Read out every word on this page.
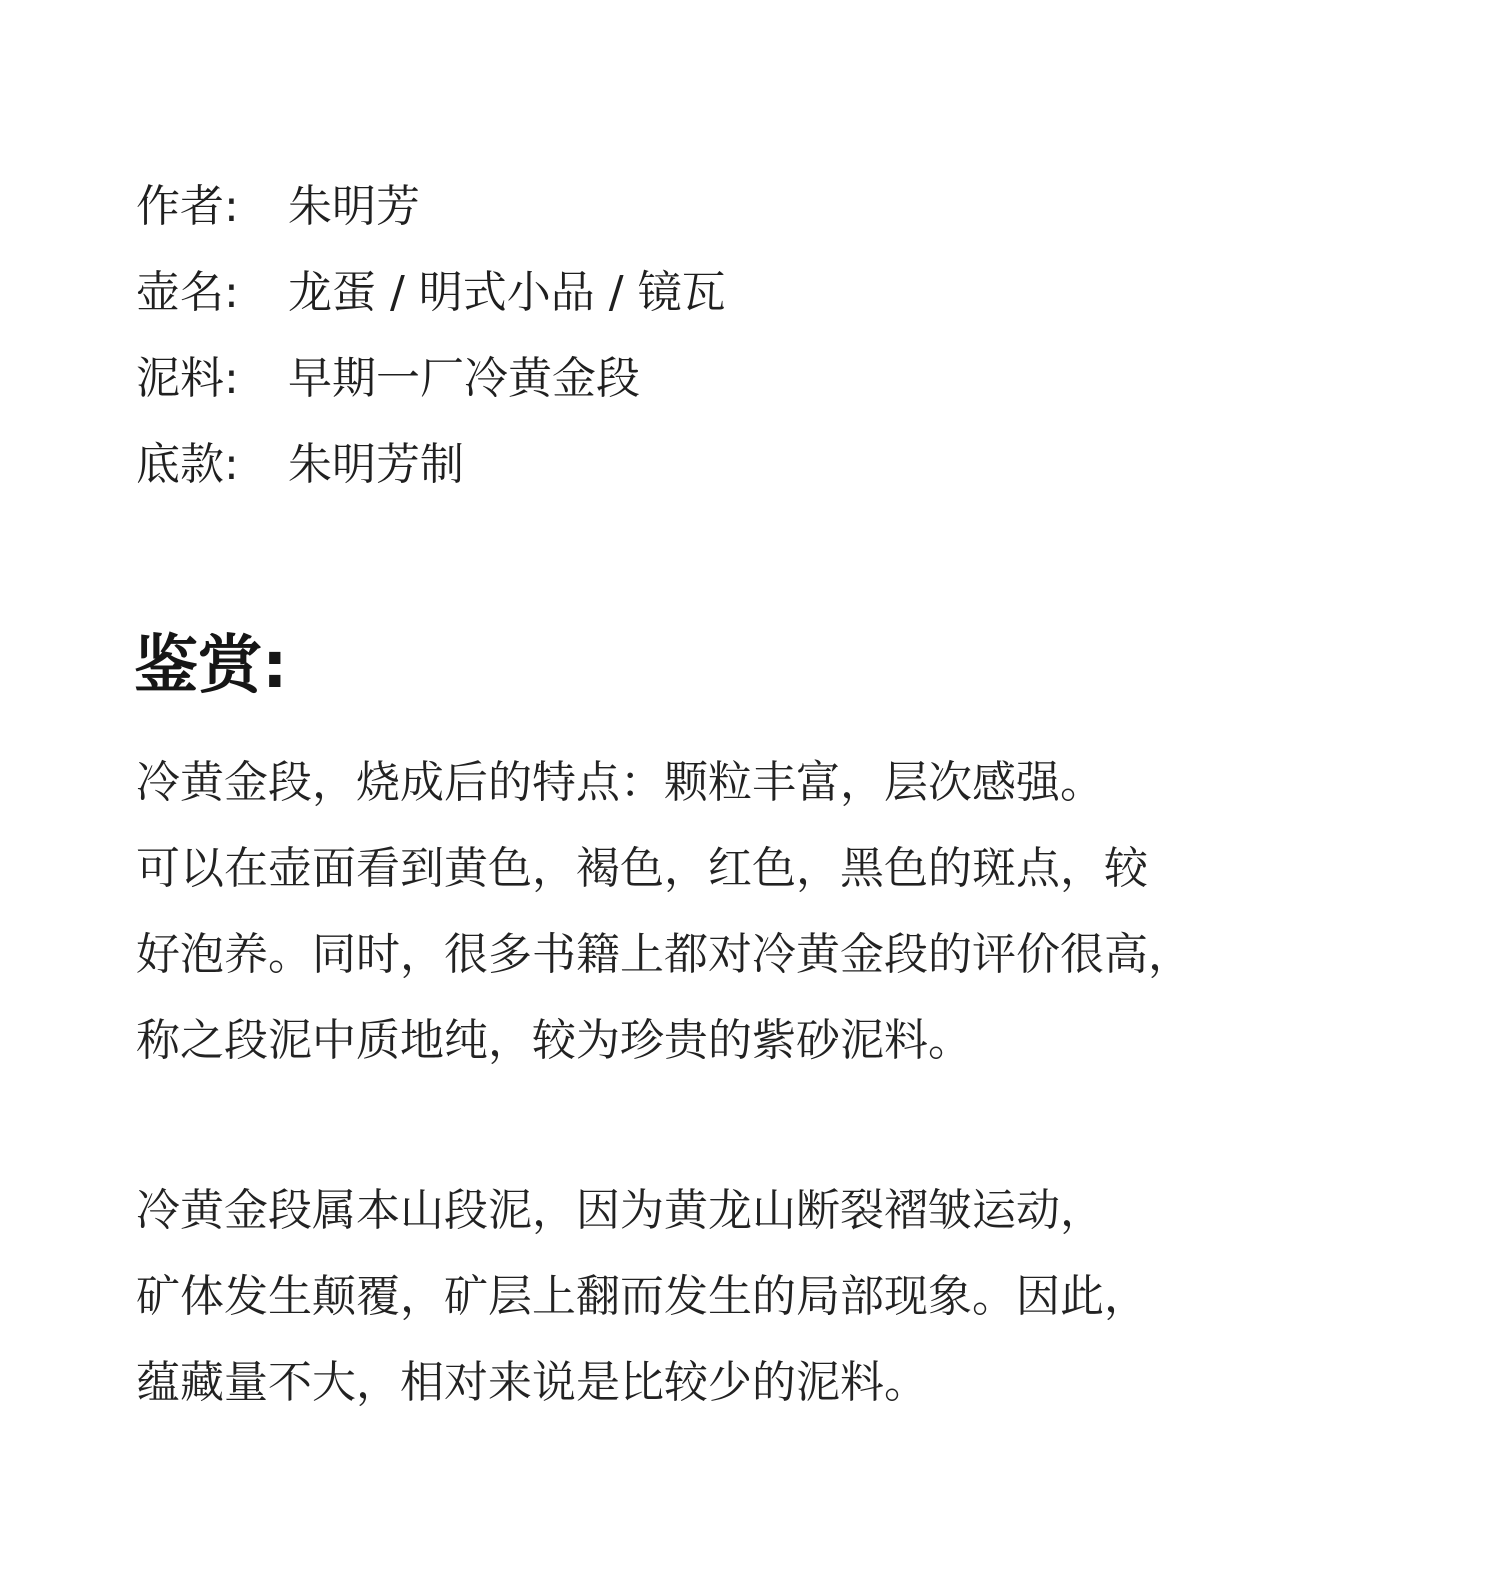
作者:	朱明芳
壶名:	龙蛋 / 明式小品 / 镜瓦
泥料:	早期一厂冷黄金段
底款:	朱明芳制
鉴赏:
冷黄金段，烧成后的特点：颗粒丰富，层次感强。
可以在壶面看到黄色，褐色，红色，黑色的斑点，较
好泡养。同时，很多书籍上都对冷黄金段的评价很高，
称之段泥中质地纯，较为珍贵的紫砂泥料。
冷黄金段属本山段泥，因为黄龙山断裂褶皱运动，
矿体发生颠覆，矿层上翻而发生的局部现象。因此，
蕴藏量不大，相对来说是比较少的泥料。
